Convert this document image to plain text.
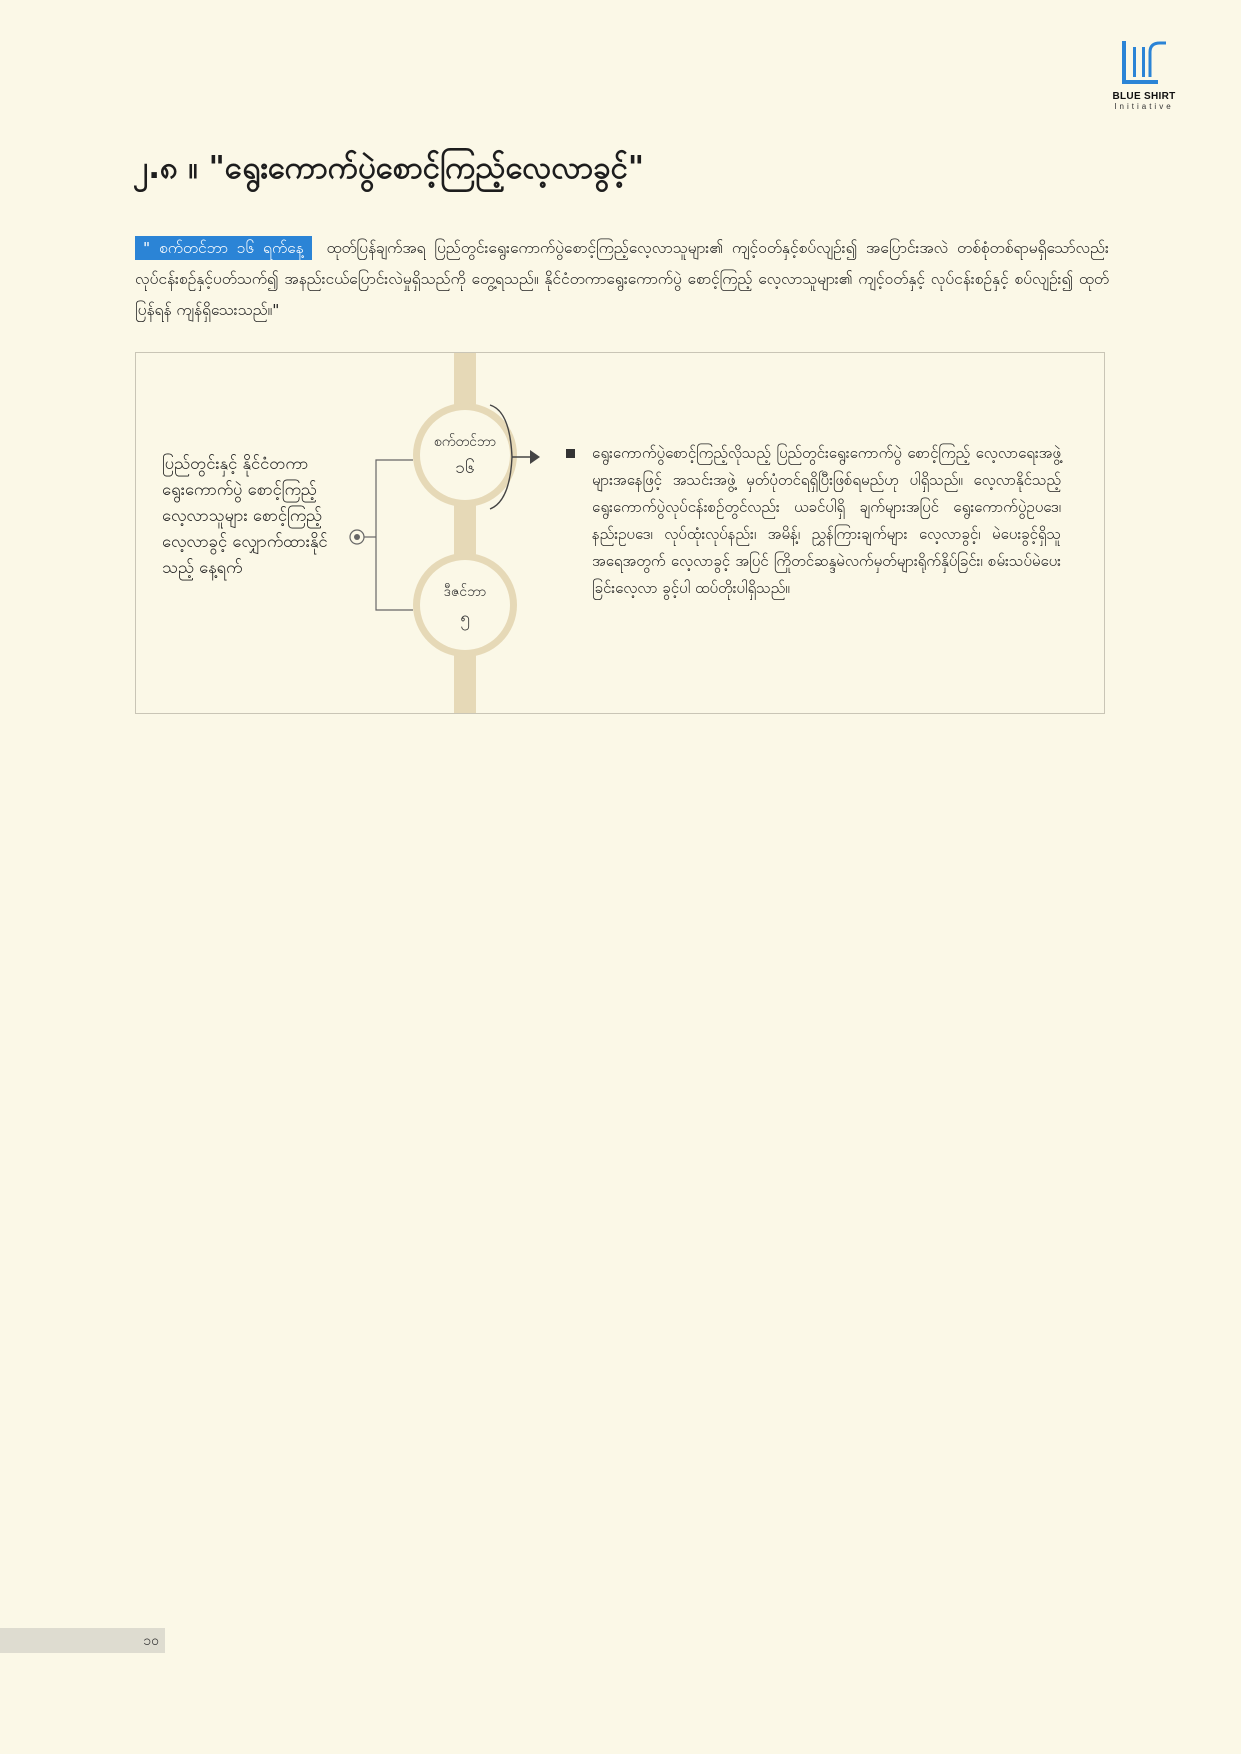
BLUE SHIRT
Initiative
၂.၈ ။ "ရွေးကောက်ပွဲစောင့်ကြည့်လေ့လာခွင့်"
" စက်တင်ဘာ ၁၆ ရက်နေ့ ထုတ်ပြန်ချက်အရ ပြည်တွင်းရွေးကောက်ပွဲစောင့်ကြည့်လေ့လာသူများ၏ ကျင့်ဝတ်နှင့်စပ်လျဉ်း၍ အပြောင်းအလဲ တစ်စုံတစ်ရာမရှိသော်လည်း လုပ်ငန်းစဉ်နှင့်ပတ်သက်၍ အနည်းငယ်ပြောင်းလဲမှုရှိသည်ကို တွေ့ရသည်။ နိုင်ငံတကာရွေးကောက်ပွဲ စောင့်ကြည့် လေ့လာသူများ၏ ကျင့်ဝတ်နှင့် လုပ်ငန်းစဉ်နှင့် စပ်လျဉ်း၍ ထုတ်ပြန်ရန် ကျန်ရှိသေးသည်။"
ပြည်တွင်းနှင့် နိုင်ငံတကာ ရွေးကောက်ပွဲ စောင့်ကြည့်လေ့လာသူများ စောင့်ကြည့်လေ့လာခွင့် လျှောက်ထားနိုင်သည့် နေ့ရက်
စက်တင်ဘာ
၁၆
ဒီဇင်ဘာ
၅
ရွေးကောက်ပွဲစောင့်ကြည့်လိုသည့် ပြည်တွင်းရွေးကောက်ပွဲ စောင့်ကြည့် လေ့လာရေးအဖွဲ့များအနေဖြင့် အသင်းအဖွဲ့ မှတ်ပုံတင်ရရှိပြီးဖြစ်ရမည်ဟု ပါရှိသည်။ လေ့လာနိုင်သည့် ရွေးကောက်ပွဲလုပ်ငန်းစဉ်တွင်လည်း ယခင်ပါရှိ ချက်များအပြင် ရွေးကောက်ပွဲဥပဒေ၊ နည်းဥပဒေ၊ လုပ်ထုံးလုပ်နည်း၊ အမိန့်၊ ညွှန်ကြားချက်များ လေ့လာခွင့်၊ မဲပေးခွင့်ရှိသူအရေအတွက် လေ့လာခွင့် အပြင် ကြိုတင်ဆန္ဒမဲလက်မှတ်များရိုက်နှိပ်ခြင်း၊ စမ်းသပ်မဲပေးခြင်းလေ့လာ ခွင့်ပါ ထပ်တိုးပါရှိသည်။
၁၀
